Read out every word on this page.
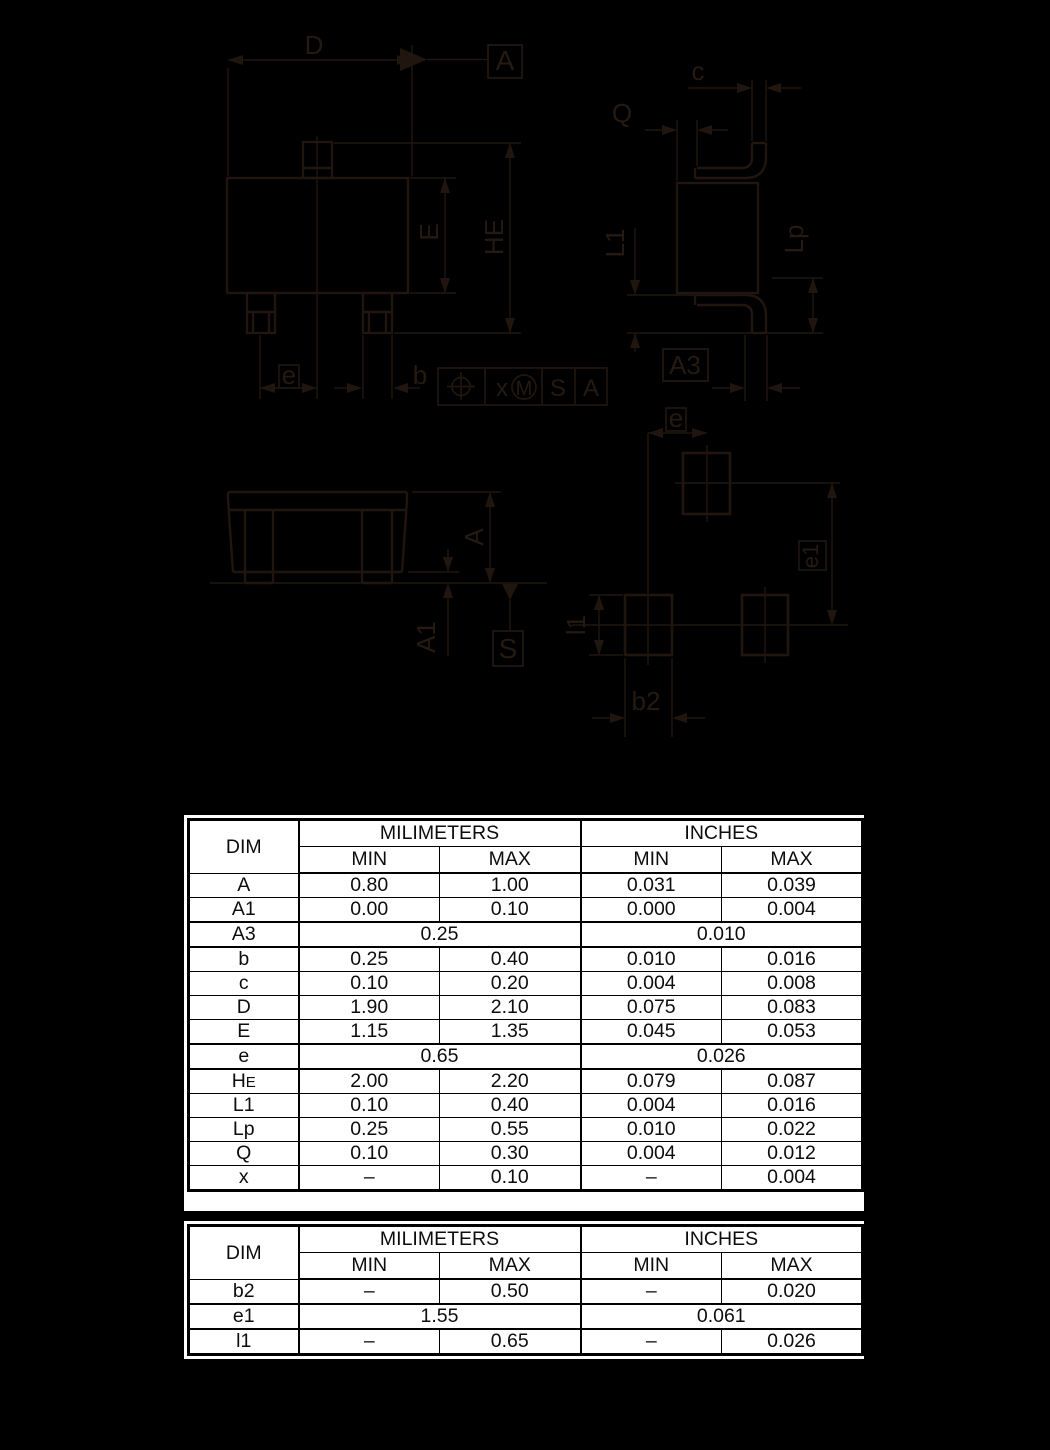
D	A
E HE
e	b	x M S A
c
Q
L1	Lp
A3
A
A1 S
e
e1
l1
b2
DIM	MILIMETERS		INCHES	
	MIN	MAX	MIN	MAX
A	0.80	1.00	0.031	0.039
A1	0.00	0.10	0.000	0.004
A3	0.25		0.010	
b	0.25	0.40	0.010	0.016
c	0.10	0.20	0.004	0.008
D	1.90	2.10	0.075	0.083
E	1.15	1.35	0.045	0.053
e	0.65		0.026	
HE	2.00	2.20	0.079	0.087
L1	0.10	0.40	0.004	0.016
Lp	0.25	0.55	0.010	0.022
Q	0.10	0.30	0.004	0.012
x	–	0.10	–	0.004
DIM	MILIMETERS		INCHES	
	MIN	MAX	MIN	MAX
b2	–	0.50	–	0.020
e1	1.55		0.061	
l1	–	0.65	–	0.026
